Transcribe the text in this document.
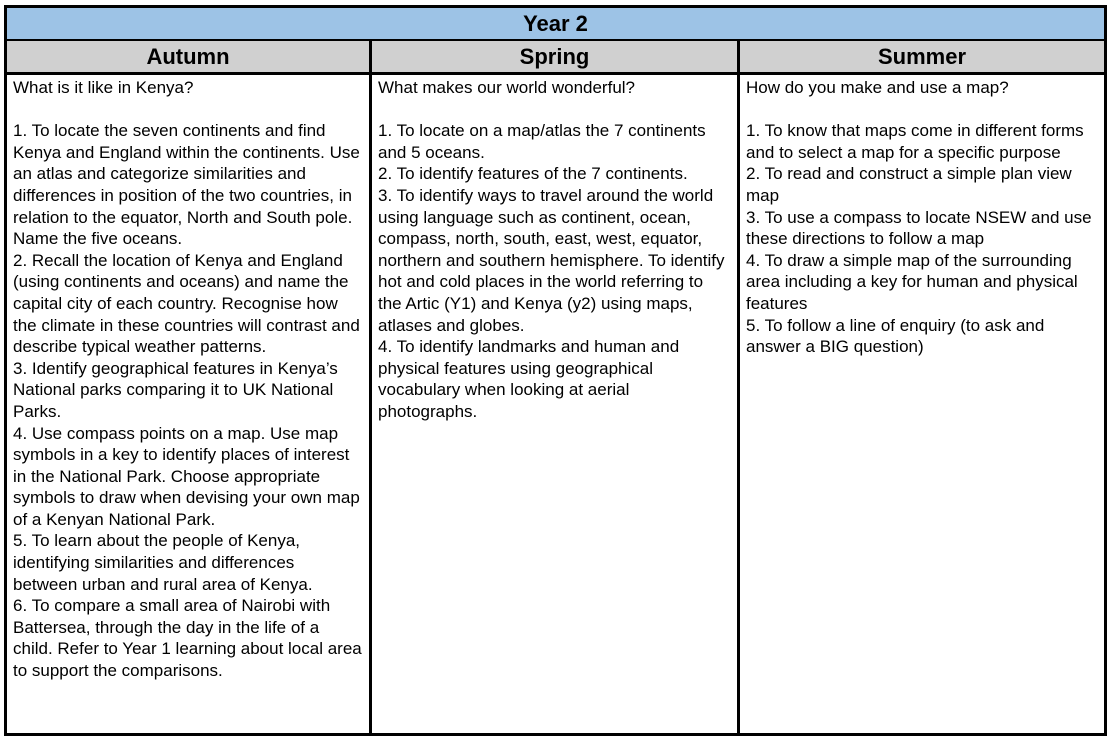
Year 2
Autumn	Spring	Summer
What is it like in Kenya?

1. To locate the seven continents and find Kenya and England within the continents. Use an atlas and categorize similarities and differences in position of the two countries, in relation to the equator, North and South pole. Name the five oceans.
2. Recall the location of Kenya and England (using continents and oceans) and name the capital city of each country. Recognise how the climate in these countries will contrast and describe typical weather patterns.
3. Identify geographical features in Kenya’s National parks comparing it to UK National Parks.
4. Use compass points on a map. Use map symbols in a key to identify places of interest in the National Park. Choose appropriate symbols to draw when devising your own map of a Kenyan National Park.
5. To learn about the people of Kenya, identifying similarities and differences between urban and rural area of Kenya.
6. To compare a small area of Nairobi with Battersea, through the day in the life of a child. Refer to Year 1 learning about local area to support the comparisons.
What makes our world wonderful?

1. To locate on a map/atlas the 7 continents and 5 oceans.
2. To identify features of the 7 continents.
3. To identify ways to travel around the world using language such as continent, ocean, compass, north, south, east, west, equator, northern and southern hemisphere. To identify hot and cold places in the world referring to the Artic (Y1) and Kenya (y2) using maps, atlases and globes.
4. To identify landmarks and human and physical features using geographical vocabulary when looking at aerial photographs.
How do you make and use a map?

1. To know that maps come in different forms and to select a map for a specific purpose
2. To read and construct a simple plan view map
3. To use a compass to locate NSEW and use these directions to follow a map
4. To draw a simple map of the surrounding area including a key for human and physical features
5. To follow a line of enquiry (to ask and answer a BIG question)
